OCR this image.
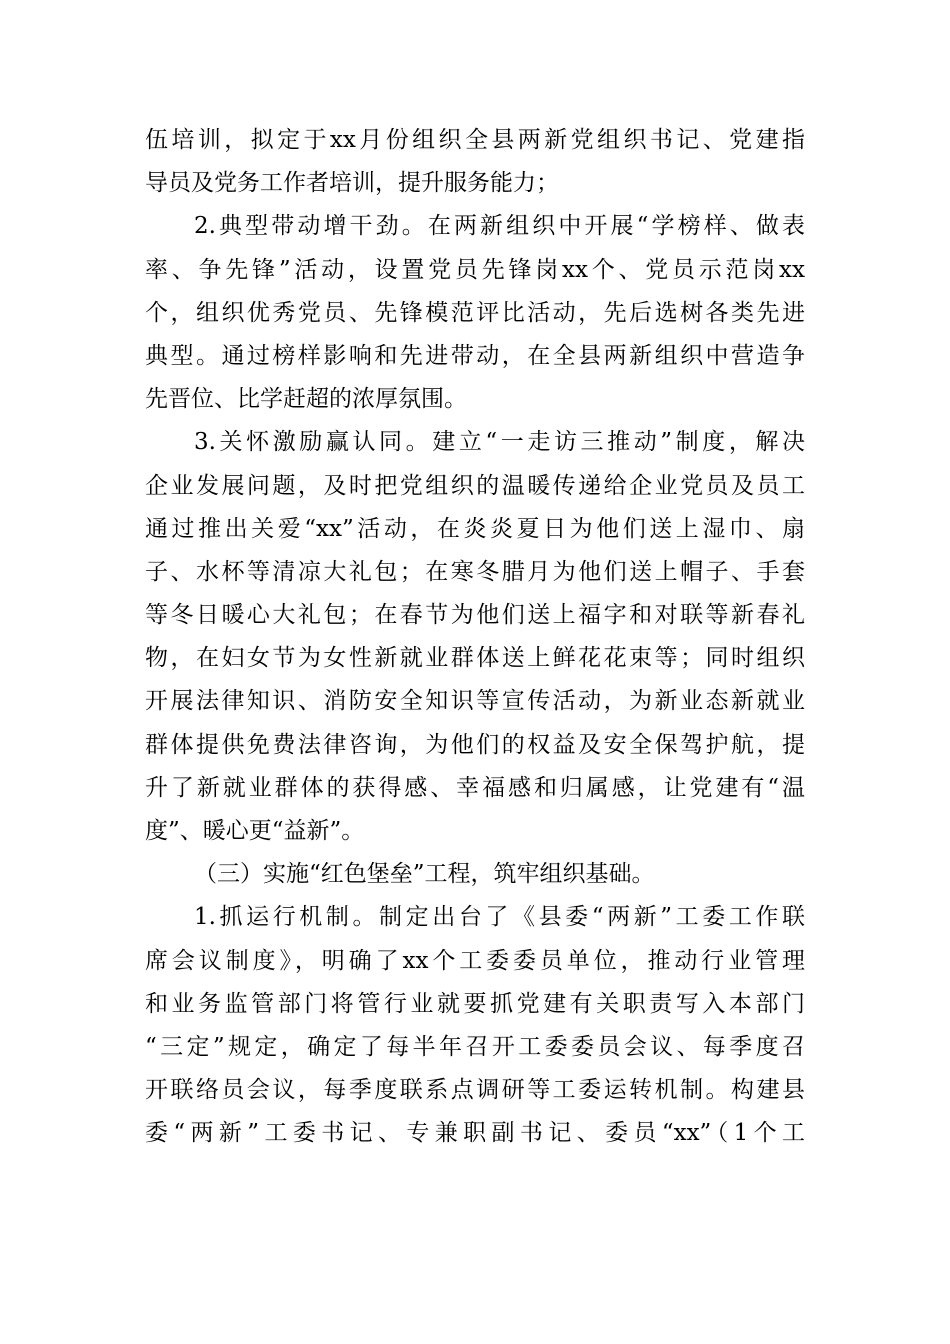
伍培训，拟定于xx月份组织全县两新党组织书记、党建指
导员及党务工作者培训，提升服务能力；
2.典型带动增干劲。在两新组织中开展“学榜样、做表
率、争先锋”活动，设置党员先锋岗xx个、党员示范岗xx
个，组织优秀党员、先锋模范评比活动，先后选树各类先进
典型。通过榜样影响和先进带动，在全县两新组织中营造争
先晋位、比学赶超的浓厚氛围。
3.关怀激励赢认同。建立“一走访三推动”制度，解决
企业发展问题，及时把党组织的温暖传递给企业党员及员工
通过推出关爱“xx”活动，在炎炎夏日为他们送上湿巾、扇
子、水杯等清凉大礼包；在寒冬腊月为他们送上帽子、手套
等冬日暖心大礼包；在春节为他们送上福字和对联等新春礼
物，在妇女节为女性新就业群体送上鲜花花束等；同时组织
开展法律知识、消防安全知识等宣传活动，为新业态新就业
群体提供免费法律咨询，为他们的权益及安全保驾护航，提
升了新就业群体的获得感、幸福感和归属感，让党建有“温
度”、暖心更“益新”。
（三）实施“红色堡垒”工程，筑牢组织基础。
1.抓运行机制。制定出台了《县委“两新”工委工作联
席会议制度》，明确了xx个工委委员单位，推动行业管理
和业务监管部门将管行业就要抓党建有关职责写入本部门
“三定”规定，确定了每半年召开工委委员会议、每季度召
开联络员会议，每季度联系点调研等工委运转机制。构建县
委“两新”工委书记、专兼职副书记、委员“xx”（1个工
